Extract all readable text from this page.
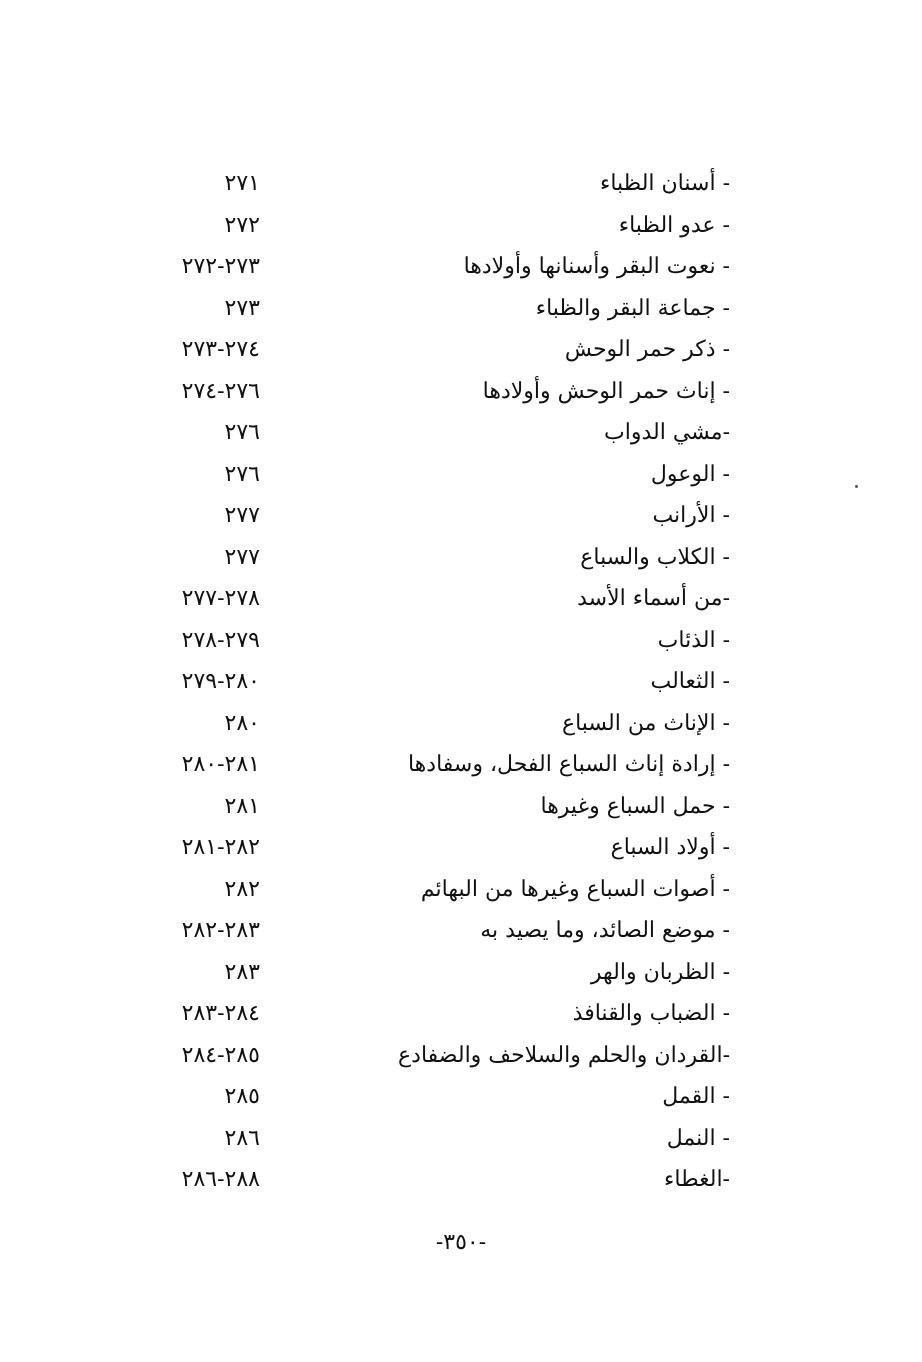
- أسنان الظباء
٢٧١
- عدو الظباء
٢٧٢
- نعوت البقر وأسنانها وأولادها
٢٧٣-٢٧٢
- جماعة البقر والظباء
٢٧٣
- ذكر حمر الوحش
٢٧٤-٢٧٣
- إناث حمر الوحش وأولادها
٢٧٦-٢٧٤
-مشي الدواب
٢٧٦
- الوعول
٢٧٦
- الأرانب
٢٧٧
- الكلاب والسباع
٢٧٧
-من أسماء الأسد
٢٧٨-٢٧٧
- الذئاب
٢٧٩-٢٧٨
- الثعالب
٢٨٠-٢٧٩
- الإناث من السباع
٢٨٠
- إرادة إناث السباع الفحل، وسفادها
٢٨١-٢٨٠
- حمل السباع وغيرها
٢٨١
- أولاد السباع
٢٨٢-٢٨١
- أصوات السباع وغيرها من البهائم
٢٨٢
- موضع الصائد، وما يصيد به
٢٨٣-٢٨٢
- الظربان والهر
٢٨٣
- الضباب والقنافذ
٢٨٤-٢٨٣
-القردان والحلم والسلاحف والضفادع
٢٨٥-٢٨٤
- القمل
٢٨٥
- النمل
٢٨٦
-الغطاء
٢٨٨-٢٨٦
-٣٥٠-
